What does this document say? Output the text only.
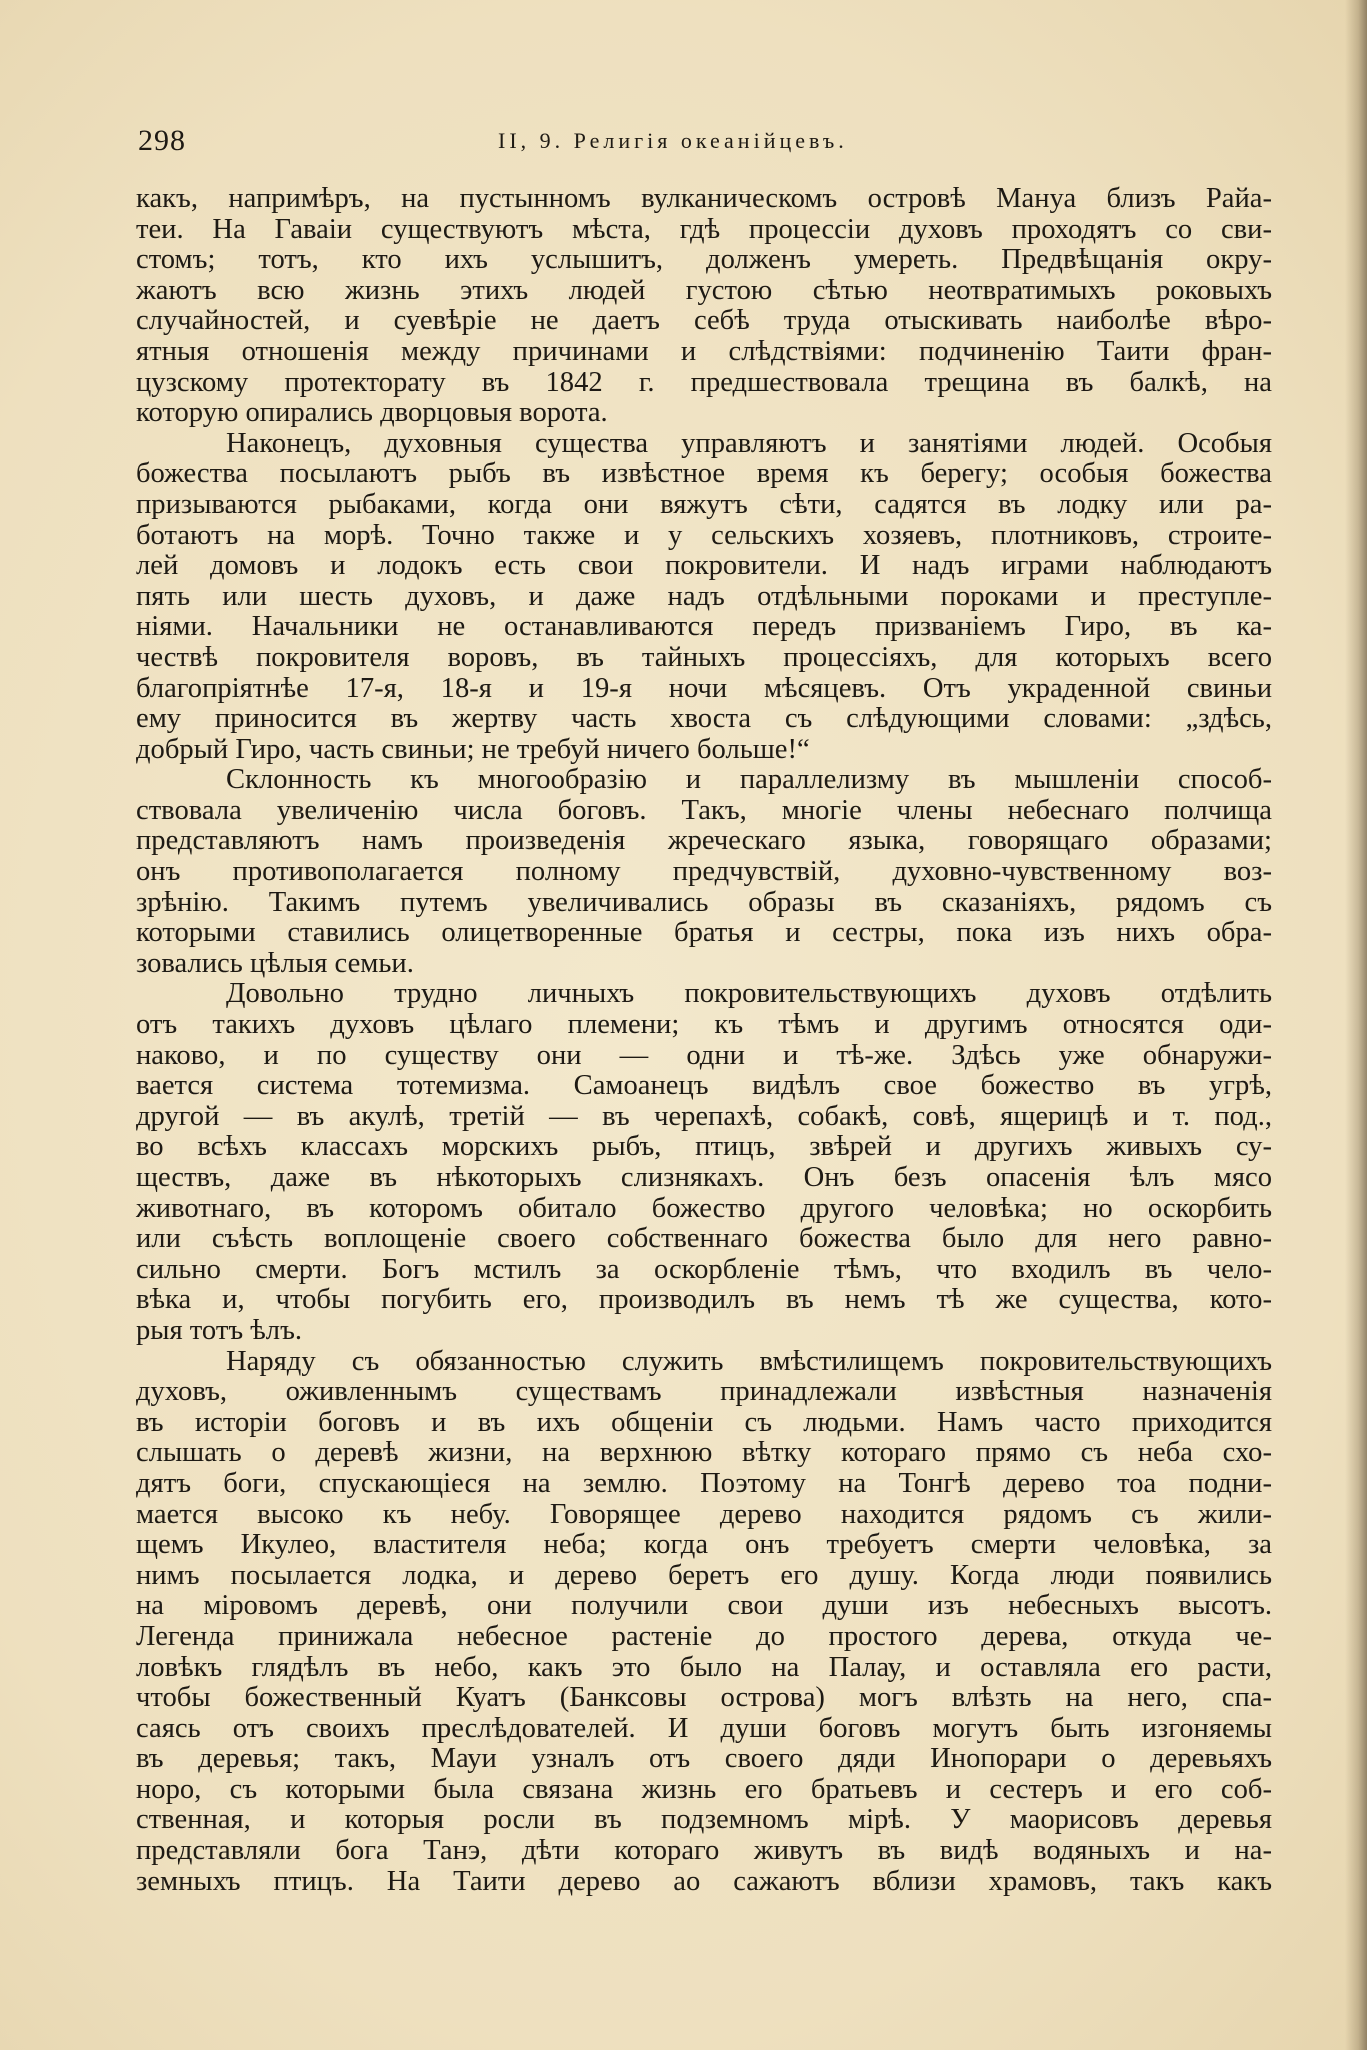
298	II, 9. Религія океанійцевъ.
какъ, напримѣръ, на пустынномъ вулканическомъ островѣ Мануа близъ Райа-
теи. На Гаваіи существуютъ мѣста, гдѣ процессіи духовъ проходятъ со сви-
стомъ; тотъ, кто ихъ услышитъ, долженъ умереть. Предвѣщанія окру-
жаютъ всю жизнь этихъ людей густою сѣтью неотвратимыхъ роковыхъ
случайностей, и суевѣріе не даетъ себѣ труда отыскивать наиболѣе вѣро-
ятныя отношенія между причинами и слѣдствіями: подчиненію Таити фран-
цузскому протекторату въ 1842 г. предшествовала трещина въ балкѣ, на
которую опирались дворцовыя ворота.
Наконецъ, духовныя существа управляютъ и занятіями людей. Особыя
божества посылаютъ рыбъ въ извѣстное время къ берегу; особыя божества
призываются рыбаками, когда они вяжутъ сѣти, садятся въ лодку или ра-
ботаютъ на морѣ. Точно также и у сельскихъ хозяевъ, плотниковъ, строите-
лей домовъ и лодокъ есть свои покровители. И надъ играми наблюдаютъ
пять или шесть духовъ, и даже надъ отдѣльными пороками и преступле-
ніями. Начальники не останавливаются передъ призваніемъ Гиро, въ ка-
чествѣ покровителя воровъ, въ тайныхъ процессіяхъ, для которыхъ всего
благопріятнѣе 17-я, 18-я и 19-я ночи мѣсяцевъ. Отъ украденной свиньи
ему приносится въ жертву часть хвоста съ слѣдующими словами: „здѣсь,
добрый Гиро, часть свиньи; не требуй ничего больше!“
Склонность къ многообразію и параллелизму въ мышленіи способ-
ствовала увеличенію числа боговъ. Такъ, многіе члены небеснаго полчища
представляютъ намъ произведенія жреческаго языка, говорящаго образами;
онъ противополагается полному предчувствій, духовно-чувственному воз-
зрѣнію. Такимъ путемъ увеличивались образы въ сказаніяхъ, рядомъ съ
которыми ставились олицетворенные братья и сестры, пока изъ нихъ обра-
зовались цѣлыя семьи.
Довольно трудно личныхъ покровительствующихъ духовъ отдѣлить
отъ такихъ духовъ цѣлаго племени; къ тѣмъ и другимъ относятся оди-
наково, и по существу они — одни и тѣ-же. Здѣсь уже обнаружи-
вается система тотемизма. Самоанецъ видѣлъ свое божество въ угрѣ,
другой — въ акулѣ, третій — въ черепахѣ, собакѣ, совѣ, ящерицѣ и т. под.,
во всѣхъ классахъ морскихъ рыбъ, птицъ, звѣрей и другихъ живыхъ су-
ществъ, даже въ нѣкоторыхъ слизнякахъ. Онъ безъ опасенія ѣлъ мясо
животнаго, въ которомъ обитало божество другого человѣка; но оскорбить
или съѣсть воплощеніе своего собственнаго божества было для него равно-
сильно смерти. Богъ мстилъ за оскорбленіе тѣмъ, что входилъ въ чело-
вѣка и, чтобы погубить его, производилъ въ немъ тѣ же существа, кото-
рыя тотъ ѣлъ.
Наряду съ обязанностью служить вмѣстилищемъ покровительствующихъ
духовъ, оживленнымъ существамъ принадлежали извѣстныя назначенія
въ исторіи боговъ и въ ихъ общеніи съ людьми. Намъ часто приходится
слышать о деревѣ жизни, на верхнюю вѣтку котораго прямо съ неба схо-
дятъ боги, спускающіеся на землю. Поэтому на Тонгѣ дерево тоа подни-
мается высоко къ небу. Говорящее дерево находится рядомъ съ жили-
щемъ Икулео, властителя неба; когда онъ требуетъ смерти человѣка, за
нимъ посылается лодка, и дерево беретъ его душу. Когда люди появились
на міровомъ деревѣ, они получили свои души изъ небесныхъ высотъ.
Легенда принижала небесное растеніе до простого дерева, откуда че-
ловѣкъ глядѣлъ въ небо, какъ это было на Палау, и оставляла его расти,
чтобы божественный Куатъ (Банксовы острова) могъ влѣзть на него, спа-
саясь отъ своихъ преслѣдователей. И души боговъ могутъ быть изгоняемы
въ деревья; такъ, Мауи узналъ отъ своего дяди Инопорари о деревьяхъ
норо, съ которыми была связана жизнь его братьевъ и сестеръ и его соб-
ственная, и которыя росли въ подземномъ мірѣ. У маорисовъ деревья
представляли бога Танэ, дѣти котораго живутъ въ видѣ водяныхъ и на-
земныхъ птицъ. На Таити дерево ао сажаютъ вблизи храмовъ, такъ какъ
